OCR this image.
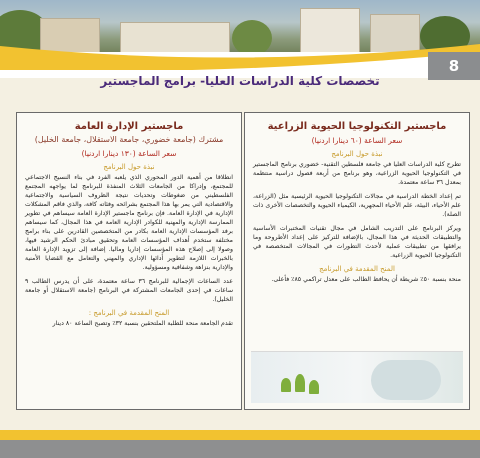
8
تخصصات كلية الدراسات العليا- برامج الماجستير
ماجستير التكنولوجيا الحيوية الزراعية
سعر الساعة (٦٠ دينارا اردنيا)
نبذة حول البرنامج

تطرح كلية الدراسات العليا في جامعة فلسطين التقنية- خضوري برنامج الماجستير في التكنولوجيا الحيوية الزراعية، وهو برنامج من أربعة فصول دراسية منتظمة بمعدل ٣٦ ساعة معتمدة.

تم إعداد الخطة الدراسية في مجالات التكنولوجيا الحيوية الرئيسية مثل (الزراعة، علم الأحياء، البيئة، علم الأحياء المجهرية، الكيمياء الحيوية والتخصصات الأخرى ذات الصلة).

ويركز البرنامج على التدريب الشامل في مجال تقنيات المختبرات الأساسية والتطبيقات الحديثة في هذا المجال، بالإضافة للتركيز على إعداد الأطروحة وما يرافقها من تطبيقات عملية لأحدث التطورات في المجالات المتخصصة في التكنولوجيا الحيوية الزراعية.

المنح المقدمة في البرنامج
منحة بنسبة ٥٠٪ شريطة أن يحافظ الطالب على معدل تراكمي ٨٥٪ فأعلى.
ماجستير الإدارة العامة
مشترك (جامعة خضوري، جامعة الاستقلال، جامعة الخليل)
سعر الساعة (١٣٠ دينارا اردنيا)
نبذة حول البرنامج

انطلاقا من أهمية الدور المحوري الذي يلعبه الفرد في بناء النسيج الاجتماعي للمجتمع، وإدراكا من الجامعات الثلاث المنفذة للبرنامج لما يواجهه المجتمع الفلسطيني من ضغوطات وتحديات نتيجة الظروف السياسية والاجتماعية والاقتصادية التي يمر بها هذا المجتمع بشرائحه وفئاته كافة، والذي فاقم المشكلات الإدارية في الإدارة العامة. فإن برنامج ماجستير الإدارة العامة سيساهم في تطوير الممارسة الإدارية والمهنية للكوادر الإدارية العامة في هذا المجال، كما سيساهم برفد المؤسسات الإدارية العامة بكادر من المتخصصين القادرين على بناء برامج مختلفة ستخدم أهداف المؤسسات العامة وتحقيق مبادئ الحكم الرشيد فيها، وصولا إلى إصلاح هذه المؤسسات إداريا وماليا. إضافة إلى تزويد الإدارة العامة بالخبرات اللازمة لتطوير أدائها الإداري والمهني والتعامل مع القضايا الأمنية والإدارية بنزاهة وشفافية ومسؤولية.

عدد الساعات الإجمالية للبرنامج ٣٦ ساعة معتمدة، على أن يدرس الطالب ٩ ساعات في إحدى الجامعات المشتركة في البرنامج (جامعة الاستقلال أو جامعة الخليل).

المنح المقدمة في البرنامج :
تقدم الجامعة منحة للطلبة الملتحقين بنسبة ٣٢٪ وتصبح الساعة ٨٠ دينار
